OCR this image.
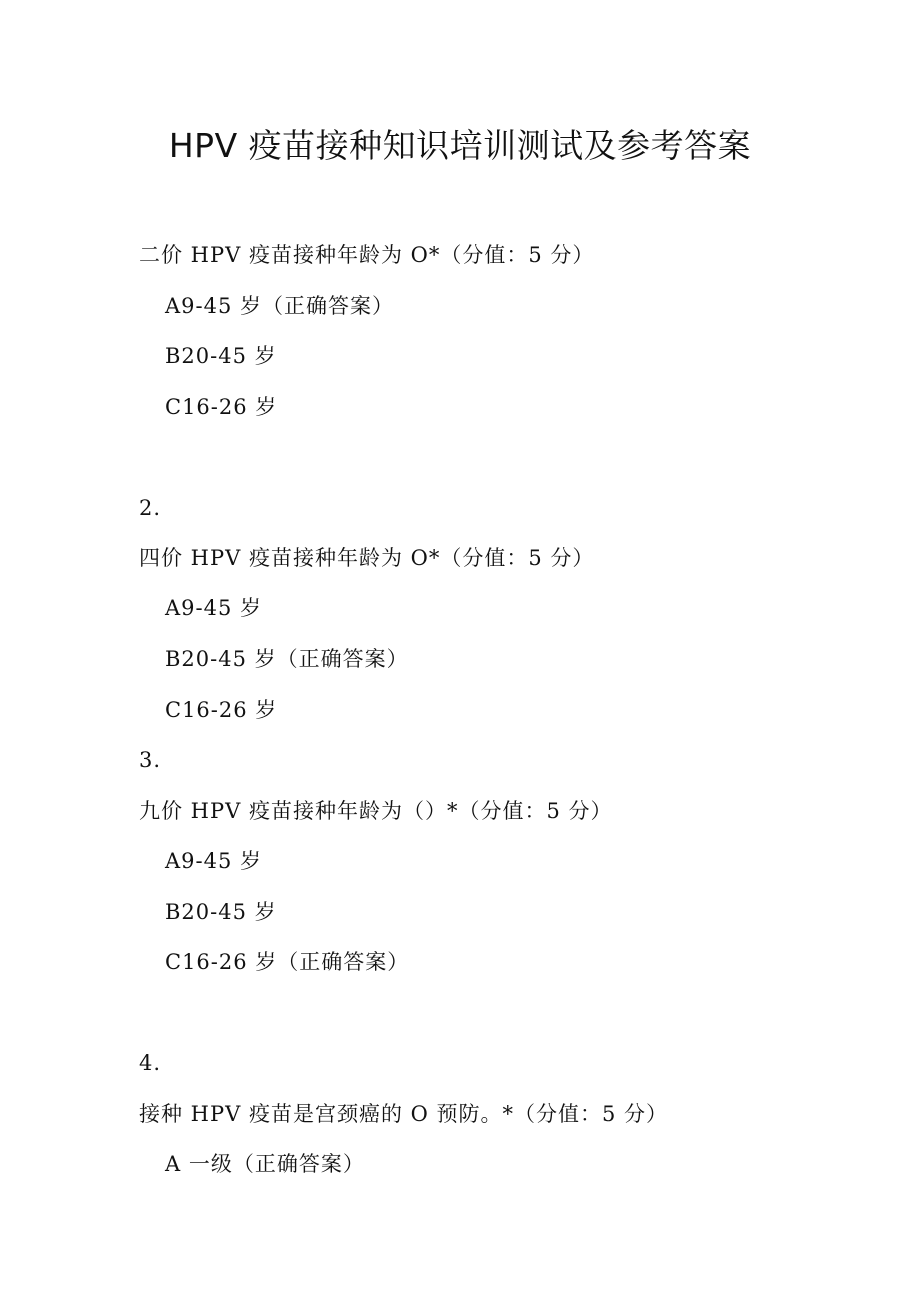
HPV 疫苗接种知识培训测试及参考答案
二价 HPV 疫苗接种年龄为 O*（分值：5 分）
A9-45 岁（正确答案）
B20-45 岁
C16-26 岁
2.
四价 HPV 疫苗接种年龄为 O*（分值：5 分）
A9-45 岁
B20-45 岁（正确答案）
C16-26 岁
3.
九价 HPV 疫苗接种年龄为（）*（分值：5 分）
A9-45 岁
B20-45 岁
C16-26 岁（正确答案）
4.
接种 HPV 疫苗是宫颈癌的 O 预防。*（分值：5 分）
A 一级（正确答案）
